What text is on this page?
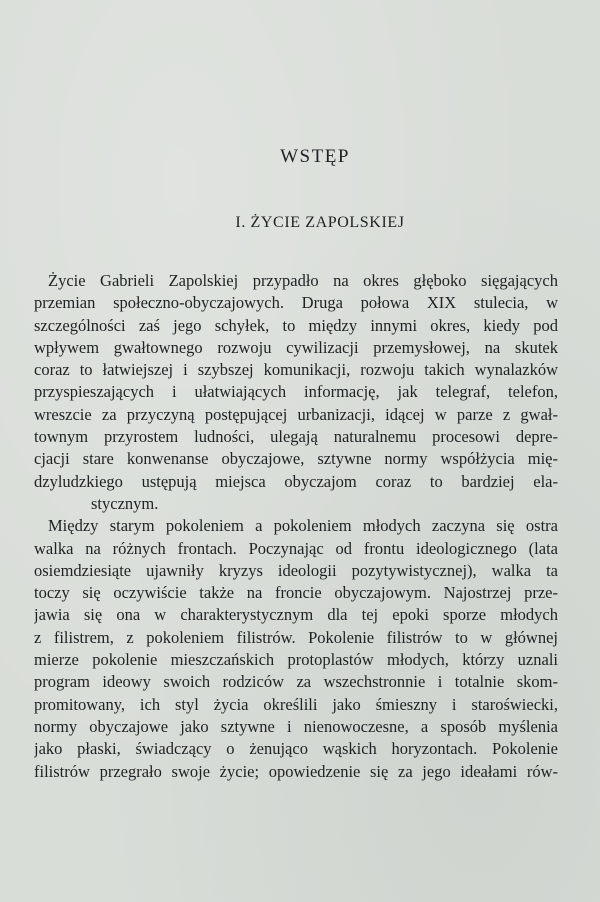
WSTĘP
I. ŻYCIE ZAPOLSKIEJ
Życie Gabrieli Zapolskiej przypadło na okres głęboko sięgających
przemian społeczno-obyczajowych. Druga połowa XIX stulecia, w
szczególności zaś jego schyłek, to między innymi okres, kiedy pod
wpływem gwałtownego rozwoju cywilizacji przemysłowej, na skutek
coraz to łatwiejszej i szybszej komunikacji, rozwoju takich wynalazków
przyspieszających i ułatwiających informację, jak telegraf, telefon,
wreszcie za przyczyną postępującej urbanizacji, idącej w parze z gwał-
townym przyrostem ludności, ulegają naturalnemu procesowi depre-
cjacji stare konwenanse obyczajowe, sztywne normy współżycia mię-
dzyludzkiego ustępują miejsca obyczajom coraz to bardziej ela-
stycznym.
Między starym pokoleniem a pokoleniem młodych zaczyna się ostra
walka na różnych frontach. Poczynając od frontu ideologicznego (lata
osiemdziesiąte ujawniły kryzys ideologii pozytywistycznej), walka ta
toczy się oczywiście także na froncie obyczajowym. Najostrzej prze-
jawia się ona w charakterystycznym dla tej epoki sporze młodych
z filistrem, z pokoleniem filistrów. Pokolenie filistrów to w głównej
mierze pokolenie mieszczańskich protoplastów młodych, którzy uznali
program ideowy swoich rodziców za wszechstronnie i totalnie skom-
promitowany, ich styl życia określili jako śmieszny i staroświecki,
normy obyczajowe jako sztywne i nienowoczesne, a sposób myślenia
jako płaski, świadczący o żenująco wąskich horyzontach. Pokolenie
filistrów przegrało swoje życie; opowiedzenie się za jego ideałami rów-
